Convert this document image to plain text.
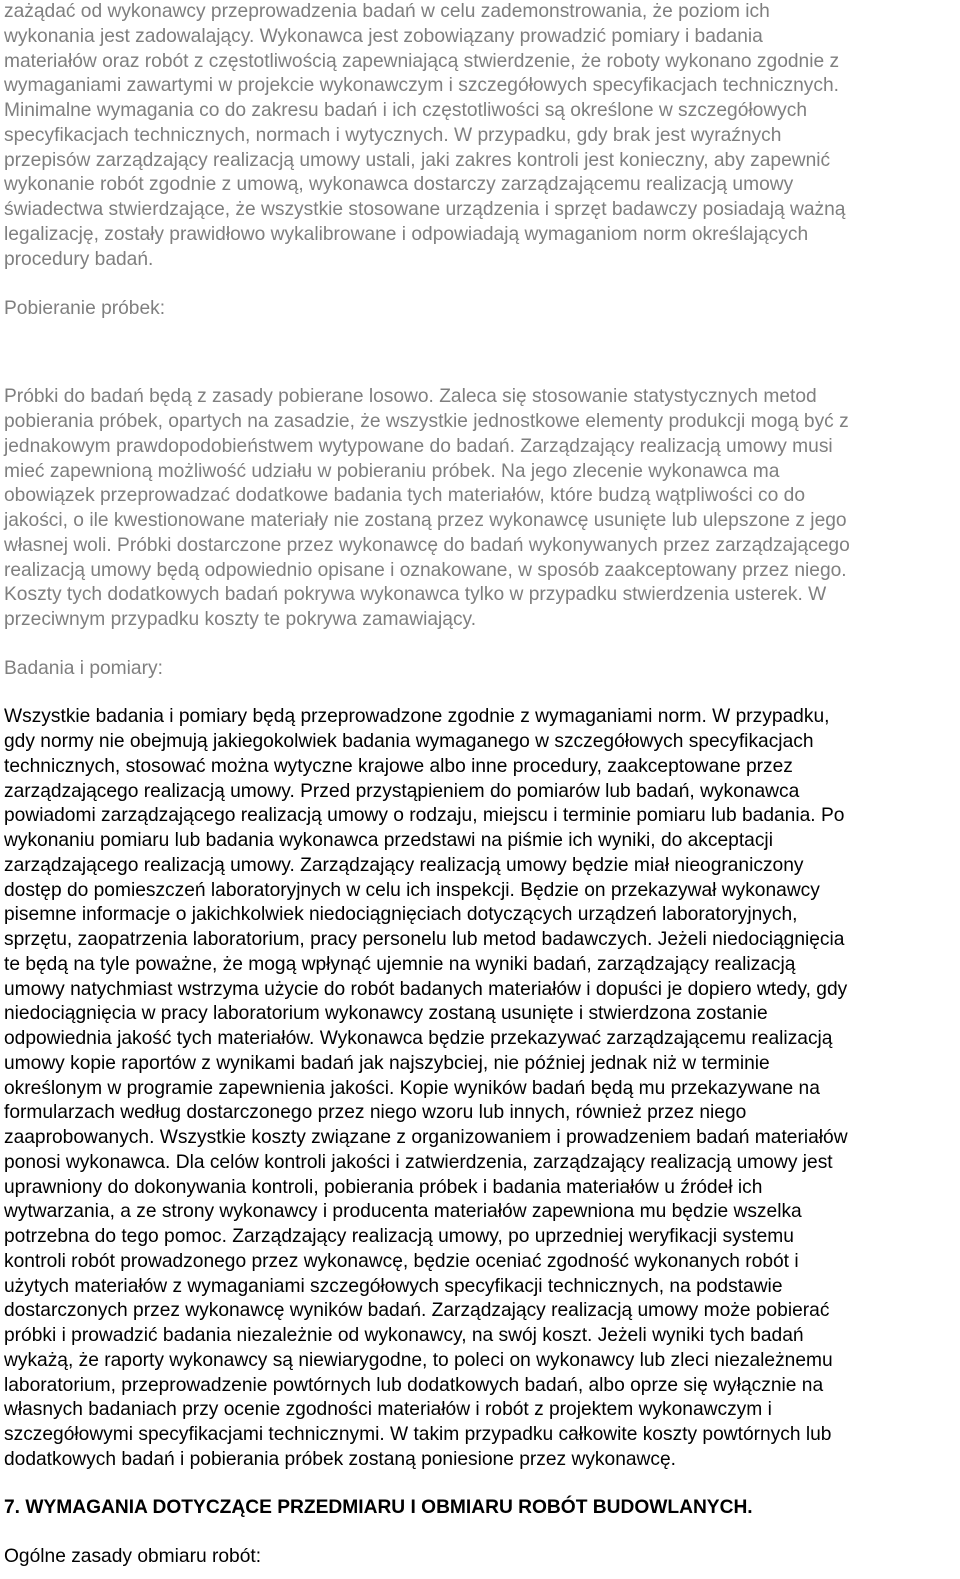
zażądać od wykonawcy przeprowadzenia badań w celu zademonstrowania, że poziom ich
wykonania jest zadowalający. Wykonawca jest zobowiązany prowadzić pomiary i badania
materiałów oraz robót z częstotliwością zapewniającą stwierdzenie, że roboty wykonano zgodnie z
wymaganiami zawartymi w projekcie wykonawczym i szczegółowych specyfikacjach technicznych.
Minimalne wymagania co do zakresu badań i ich częstotliwości są określone w szczegółowych
specyfikacjach technicznych, normach i wytycznych. W przypadku, gdy brak jest wyraźnych
przepisów zarządzający realizacją umowy ustali, jaki zakres kontroli jest konieczny, aby zapewnić
wykonanie robót zgodnie z umową, wykonawca dostarczy zarządzającemu realizacją umowy
świadectwa stwierdzające, że wszystkie stosowane urządzenia i sprzęt badawczy posiadają ważną
legalizację, zostały prawidłowo wykalibrowane i odpowiadają wymaganiom norm określających
procedury badań.
Pobieranie próbek:
Próbki do badań będą z zasady pobierane losowo. Zaleca się stosowanie statystycznych metod
pobierania próbek, opartych na zasadzie, że wszystkie jednostkowe elementy produkcji mogą być z
jednakowym prawdopodobieństwem wytypowane do badań. Zarządzający realizacją umowy musi
mieć zapewnioną możliwość udziału w pobieraniu próbek. Na jego zlecenie wykonawca ma
obowiązek przeprowadzać dodatkowe badania tych materiałów, które budzą wątpliwości co do
jakości, o ile kwestionowane materiały nie zostaną przez wykonawcę usunięte lub ulepszone z jego
własnej woli. Próbki dostarczone przez wykonawcę do badań wykonywanych przez zarządzającego
realizacją umowy będą odpowiednio opisane i oznakowane, w sposób zaakceptowany przez niego.
Koszty tych dodatkowych badań pokrywa wykonawca tylko w przypadku stwierdzenia usterek. W
przeciwnym przypadku koszty te pokrywa zamawiający.
Badania i pomiary:
Wszystkie badania i pomiary będą przeprowadzone zgodnie z wymaganiami norm. W przypadku,
gdy normy nie obejmują jakiegokolwiek badania wymaganego w szczegółowych specyfikacjach
technicznych, stosować można wytyczne krajowe albo inne procedury, zaakceptowane przez
zarządzającego realizacją umowy. Przed przystąpieniem do pomiarów lub badań, wykonawca
powiadomi zarządzającego realizacją umowy o rodzaju, miejscu i terminie pomiaru lub badania. Po
wykonaniu pomiaru lub badania wykonawca przedstawi na piśmie ich wyniki, do akceptacji
zarządzającego realizacją umowy. Zarządzający realizacją umowy będzie miał nieograniczony
dostęp do pomieszczeń laboratoryjnych w celu ich inspekcji. Będzie on przekazywał wykonawcy
pisemne informacje o jakichkolwiek niedociągnięciach dotyczących urządzeń laboratoryjnych,
sprzętu, zaopatrzenia laboratorium, pracy personelu lub metod badawczych. Jeżeli niedociągnięcia
te będą na tyle poważne, że mogą wpłynąć ujemnie na wyniki badań, zarządzający realizacją
umowy natychmiast wstrzyma użycie do robót badanych materiałów i dopuści je dopiero wtedy, gdy
niedociągnięcia w pracy laboratorium wykonawcy zostaną usunięte i stwierdzona zostanie
odpowiednia jakość tych materiałów. Wykonawca będzie przekazywać zarządzającemu realizacją
umowy kopie raportów z wynikami badań jak najszybciej, nie później jednak niż w terminie
określonym w programie zapewnienia jakości. Kopie wyników badań będą mu przekazywane na
formularzach według dostarczonego przez niego wzoru lub innych, również przez niego
zaaprobowanych. Wszystkie koszty związane z organizowaniem i prowadzeniem badań materiałów
ponosi wykonawca. Dla celów kontroli jakości i zatwierdzenia, zarządzający realizacją umowy jest
uprawniony do dokonywania kontroli, pobierania próbek i badania materiałów u źródeł ich
wytwarzania, a ze strony wykonawcy i producenta materiałów zapewniona mu będzie wszelka
potrzebna do tego pomoc. Zarządzający realizacją umowy, po uprzedniej weryfikacji systemu
kontroli robót prowadzonego przez wykonawcę, będzie oceniać zgodność wykonanych robót i
użytych materiałów z wymaganiami szczegółowych specyfikacji technicznych, na podstawie
dostarczonych przez wykonawcę wyników badań. Zarządzający realizacją umowy może pobierać
próbki i prowadzić badania niezależnie od wykonawcy, na swój koszt. Jeżeli wyniki tych badań
wykażą, że raporty wykonawcy są niewiarygodne, to poleci on wykonawcy lub zleci niezależnemu
laboratorium, przeprowadzenie powtórnych lub dodatkowych badań, albo oprze się wyłącznie na
własnych badaniach przy ocenie zgodności materiałów i robót z projektem wykonawczym i
szczegółowymi specyfikacjami technicznymi. W takim przypadku całkowite koszty powtórnych lub
dodatkowych badań i pobierania próbek zostaną poniesione przez wykonawcę.
7. WYMAGANIA DOTYCZĄCE PRZEDMIARU I OBMIARU ROBÓT BUDOWLANYCH.
Ogólne zasady obmiaru robót:
